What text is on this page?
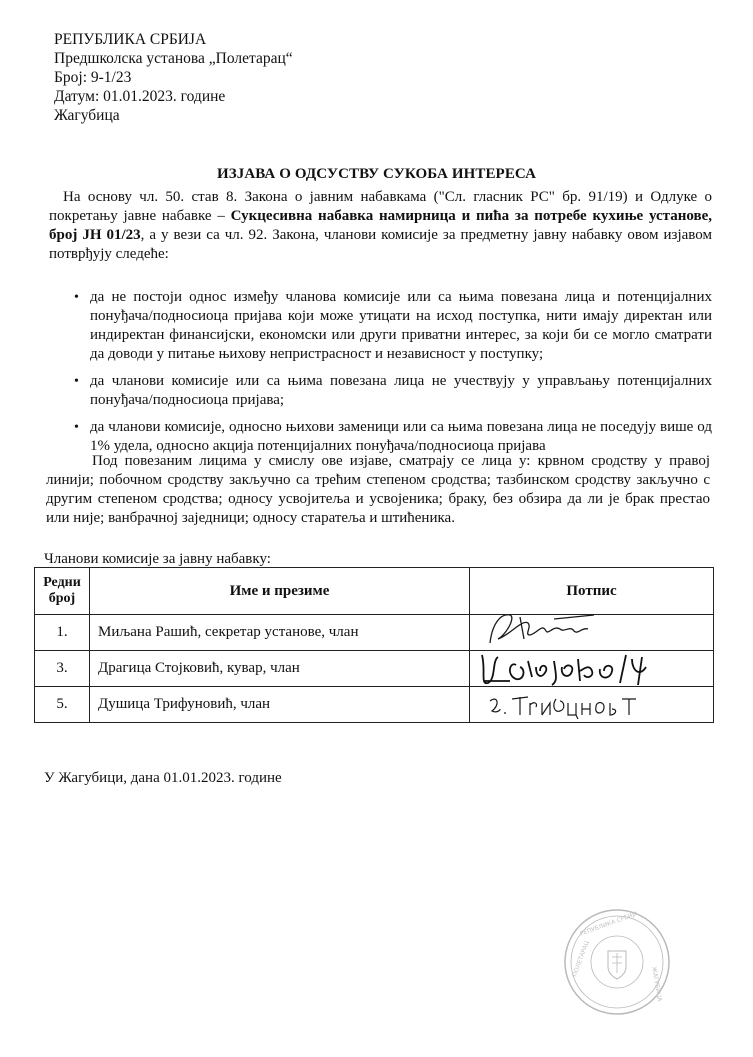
РЕПУБЛИКА СРБИЈА
Предшколска установа „Полетарац“
Број: 9-1/23
Датум: 01.01.2023. године
Жагубица
ИЗЈАВА О ОДСУСТВУ СУКОБА ИНТЕРЕСА
На основу чл. 50. став 8. Закона о јавним набавкама ("Сл. гласник РС" бр. 91/19) и Одлуке о покретању јавне набавке – Сукцесивна набавка намирница и пића за потребе кухиње установе, број ЈН 01/23, а у вези са чл. 92. Закона, чланови комисије за предметну јавну набавку овом изјавом потврђују следеће:
• да не постоји однос између чланова комисије или са њима повезана лица и потенцијалних понуђача/подносиоца пријава који може утицати на исход поступка, нити имају директан или индиректан финансијски, економски или други приватни интерес, за који би се могло сматрати да доводи у питање њихову непристрасност и независност у поступку;
• да чланови комисије или са њима повезана лица не учествују у управљању потенцијалних понуђача/подносиоца пријава;
• да чланови комисије, односно њихови заменици или са њима повезана лица не поседују више од 1% удела, односно акција потенцијалних понуђача/подносиоца пријава
Под повезаним лицима у смислу ове изјаве, сматрају се лица у: крвном сродству у правој линији; побочном сродству закључно са трећим степеном сродства; тазбинском сродству закључно с другим степеном сродства; односу усвојитеља и усвојеника; браку, без обзира да ли је брак престао или није; ванбрачној заједници; односу старатеља и штићеника.
Чланови комисије за јавну набавку:
Редни број	Име и презиме	Потпис
1.	Миљана Рашић, секретар установе, члан	

3.	Драгица Стојковић, кувар, члан	

5.	Душица Трифуновић, члан	
У Жагубици, дана 01.01.2023. године
РЕПУБЛИКА СРБИЈА
ЖАГУБИЦА
ПОЛЕТАРАЦ
